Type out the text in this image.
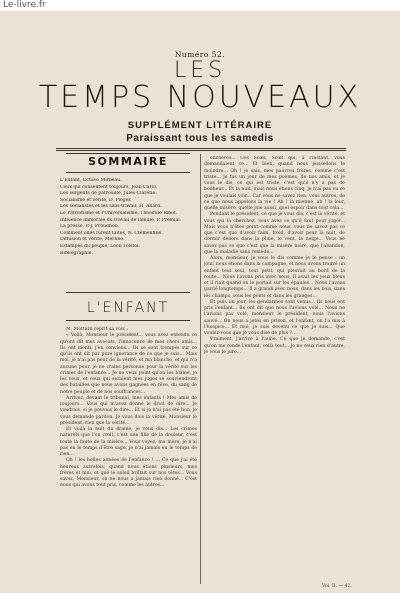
Le-livre.fr
Numéro 52.
LES
TEMPS NOUVEAUX
SUPPLÉMENT LITTÉRAIRE
Paraissant tous les samedis
SOMMAIRE
L'Enfant, Octave Mirbeau.
Ceux qui consentent toujours, Jean Carol.
Les sergents de patrouille, Jules Claretie.
Socialisme et vérité, D. Pioger.
Les socialistes et les sans-travail, H. Allard.
Le Patriotisme et l'Universalisme, Théodule Ribot.
Influence immorale du travail de famille, P. Prémial.
La presse, P.-J. Proudhon.
Comment elles furent faites, N. Ctemenfine.
Diffusion et vérité, Merlino.
Estampes du peuple, Léon Tolstoï.
Bibliographie.
L'ENFANT

M. Mottard reprit sa voix :

« Voilà, Monsieur le président... vous avez entendu ce qu'ont dit mes avocats, l'innocence de mes chers amis... Ils ont menti, j'en conviens... Ils se sont trompés sur ce qu'ils ont dit par pure ignorance de ce que je suis... Mais moi, je n'ai pas peur de la vérité, et ma blanche, et qui n'a aucune peur, je ne crains personne pour la vérité sur les crimes de l'enfance... Je ne veux point qu'on les blâme, je les veux, et ceux qui seraient mes juges se souviendront des batailles que nous avons gagnées en rêve, du sang de notre peuple et de nos souffrances...

Arrivez, devant le tribunal, mes enfants ! Mes amis de toujours... Vous qui m'avez donné le droit de dire... Je voudrais, si je pouvais le dire... Et si je n'ai pas été bon, je vous demande pardon. Je vous dois la vérité, Monsieur le président, rien que la vérité...

Et voilà la nuit du drame, je vous dis... Les crimes naturels que l'on croit, c'est une fille de la douleur, c'est toute la faute de la misère... Vous voyez, ma mère, je n'ai pas eu le temps d'être sage, je n'ai jamais eu le temps de rien...

Oh ! les belles années de l'enfance ! ... Ce que j'ai été heureux autrefois, quand nous étions plusieurs, mes frères et moi, et que le soleil brillait sur nos têtes... Vous savez, Monsieur, on ne nous a jamais rien donné... C'est nous qui avons tout pris, comme les autres...

enchères... Ces Scœl, Scœl qui, à l'instant, vous demandaient ce... Et bien, quand nous possédons le moindre... Oh ! je sais, mes pauvres frères, comme c'est triste... je fus un jour de mes poèmes, de nos amis, et je vous le dis, ce qui est triste, c'est qu'il n'y a pas de bonheur... Et la nuit, mais nous étions cinq, je n'ai pas vu ce que je voulais voir... Car vous ne savez rien, vous autres, de ce que nous appelons la vie ! Ah ! la mienne, ah ! la leur, quelle misère, quelle joie aussi, quel espoir dans tout cela...

Pendant le président, ce que je vous dis, c'est la vérité, et vous qui la cherchez, vous avez ce qu'il faut pour juger... Mais vous n'êtes point comme nous, vous ne savez pas ce que c'est que d'avoir faim, froid, d'avoir peur la nuit, de dormir dehors dans la pluie, le vent, la neige... Vous ne savez pas ce que c'est que la misère noire, que l'abandon, que la maladie sans remède...

Alors, monsieur, je vous le dis comme je le pense : un jour, nous étions dans la campagne, et nous avons trouvé un enfant tout seul, tout petit, qui pleurait au bord de la route... Nous l'avons pris avec nous. Il avait les yeux bleus et il riait quand on le portait sur les épaules... Nous l'avons gardé longtemps... Il a grandi avec nous, dans les bois, dans les champs, sous les ponts et dans les granges...

Et puis un jour, les gendarmes sont venus... Ils nous ont pris l'enfant... Ils ont dit que nous l'avions volé... Nous ne l'avions pas volé, monsieur le président, nous l'avions sauvé... On nous a jetés en prison, et l'enfant, on l'a mis à l'hospice... Et moi, je suis devenu ce que je suis... Que voulez-vous que je vous dise de plus ?...

Vraiment, j'arrive à l'aube. Ce que je demande, c'est qu'on me rende l'enfant, voilà tout... Je ne veux rien d'autre, je vous le jure...

Vol. II. — 42.
